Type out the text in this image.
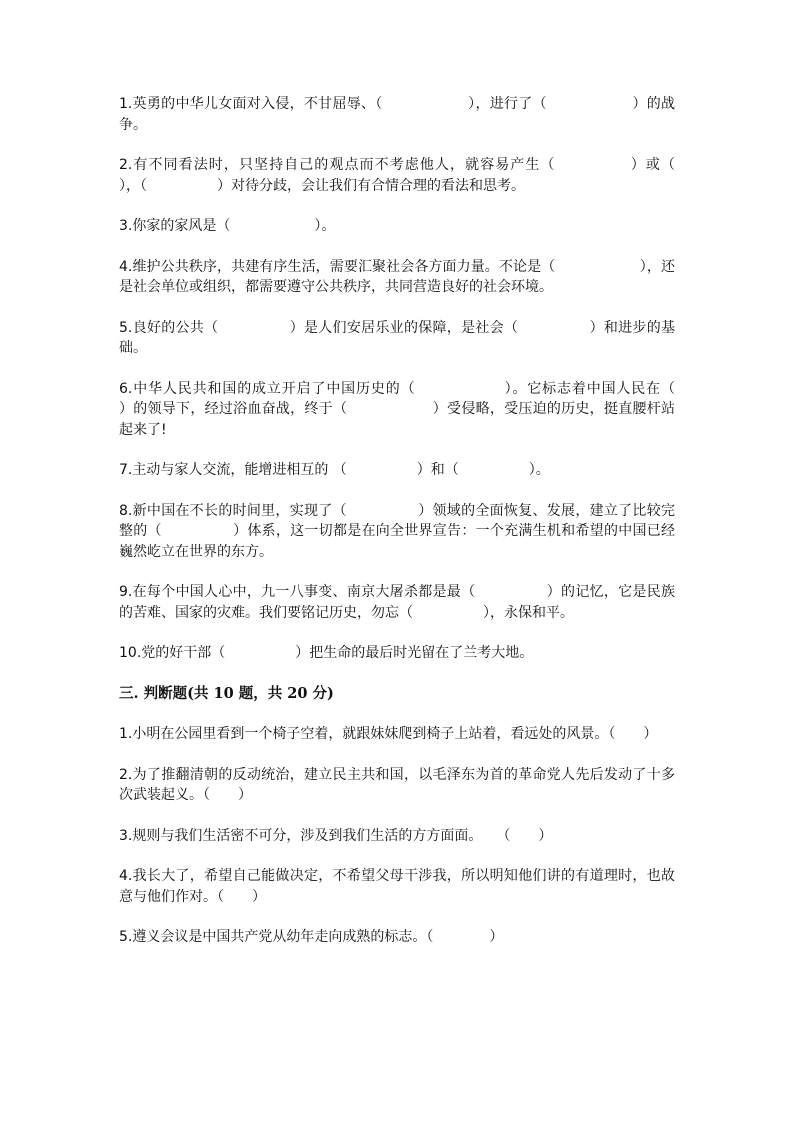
1.英勇的中华儿女面对入侵，不甘屈辱、（　　　　　　），进行了（　　　　　　）的战争。

2.有不同看法时，只坚持自己的观点而不考虑他人，就容易产生（　　　　　）或（　　　　　），（　　　　　）对待分歧，会让我们有合情合理的看法和思考。

3.你家的家风是（　　　　　　）。

4.维护公共秩序，共建有序生活，需要汇聚社会各方面力量。不论是（　　　　　　），还是社会单位或组织，都需要遵守公共秩序，共同营造良好的社会环境。

5.良好的公共（　　　　　）是人们安居乐业的保障，是社会（　　　　　）和进步的基础。

6.中华人民共和国的成立开启了中国历史的（　　　　　　）。它标志着中国人民在（　　　　　　）的领导下，经过浴血奋战，终于（　　　　　　）受侵略，受压迫的历史，挺直腰杆站起来了!

7.主动与家人交流，能增进相互的 （　　　　　）和（　　　　　）。

8.新中国在不长的时间里，实现了（　　　　　）领域的全面恢复、发展，建立了比较完整的（　　　　　）体系，这一切都是在向全世界宣告：一个充满生机和希望的中国已经巍然屹立在世界的东方。

9.在每个中国人心中，九一八事变、南京大屠杀都是最（　　　　　）的记忆，它是民族的苦难、国家的灾难。我们要铭记历史，勿忘（　　　　　），永保和平。

10.党的好干部（　　　　　）把生命的最后时光留在了兰考大地。

三. 判断题(共 10 题，共 20 分)

1.小明在公园里看到一个椅子空着，就跟妹妹爬到椅子上站着，看远处的风景。（　　）

2.为了推翻清朝的反动统治，建立民主共和国，以毛泽东为首的革命党人先后发动了十多次武装起义。（　　）

3.规则与我们生活密不可分，涉及到我们生活的方方面面。　　（　　）

4.我长大了，希望自己能做决定，不希望父母干涉我，所以明知他们讲的有道理时，也故意与他们作对。（　　）

5.遵义会议是中国共产党从幼年走向成熟的标志。（　　　　）
